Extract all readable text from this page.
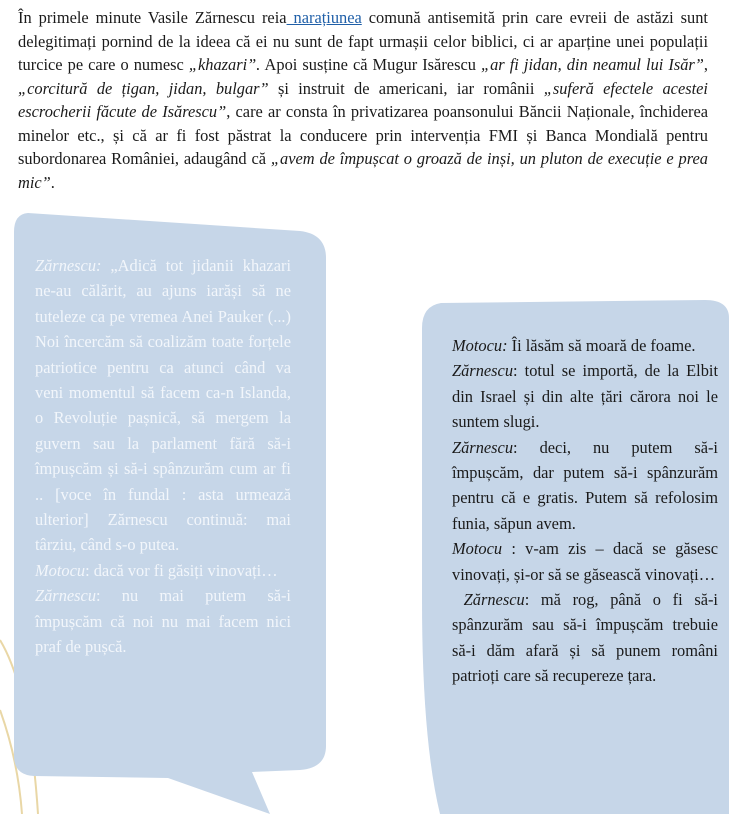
În primele minute Vasile Zărnescu reia narațiunea comună antisemită prin care evreii de astăzi sunt delegitimați pornind de la ideea că ei nu sunt de fapt urmașii celor biblici, ci ar aparține unei populații turcice pe care o numesc „khazari”. Apoi susține că Mugur Isărescu „ar fi jidan, din neamul lui Isăr”, „corcitură de țigan, jidan, bulgar” și instruit de americani, iar românii „suferă efectele acestei escrocherii făcute de Isărescu”, care ar consta în privatizarea poansonului Băncii Naționale, închiderea minelor etc., și că ar fi fost păstrat la conducere prin intervenția FMI și Banca Mondială pentru subordonarea României, adaugând că „avem de împușcat o groază de inși, un pluton de execuție e prea mic”.

Zărnescu: „Adică tot jidanii khazari ne-au călărit, au ajuns iarăși să ne tuteleze ca pe vremea Anei Pauker (...) Noi încercăm să coalizăm toate forțele patriotice pentru ca atunci când va veni momentul să facem ca-n Islanda, o Revoluție pașnică, să mergem la guvern sau la parlament fără să-i împușcăm și să-i spânzurăm cum ar fi .. [voce în fundal : asta urmează ulterior] Zărnescu continuă: mai târziu, când s-o putea.
Motocu: dacă vor fi găsiți vinovați…
Zărnescu: nu mai putem să-i împușcăm că noi nu mai facem nici praf de pușcă.

Motocu: Îi lăsăm să moară de foame.
Zărnescu: totul se importă, de la Elbit din Israel și din alte țări cărora noi le suntem slugi.
Zărnescu: deci, nu putem să-i împușcăm, dar putem să-i spânzurăm pentru că e gratis. Putem să refolosim funia, săpun avem.
Motocu : v-am zis – dacă se găsesc vinovați, și-or să se găsească vinovați…
Zărnescu: mă rog, până o fi să-i spânzurăm sau să-i împușcăm trebuie să-i dăm afară și să punem români patrioți care să recupereze țara.
